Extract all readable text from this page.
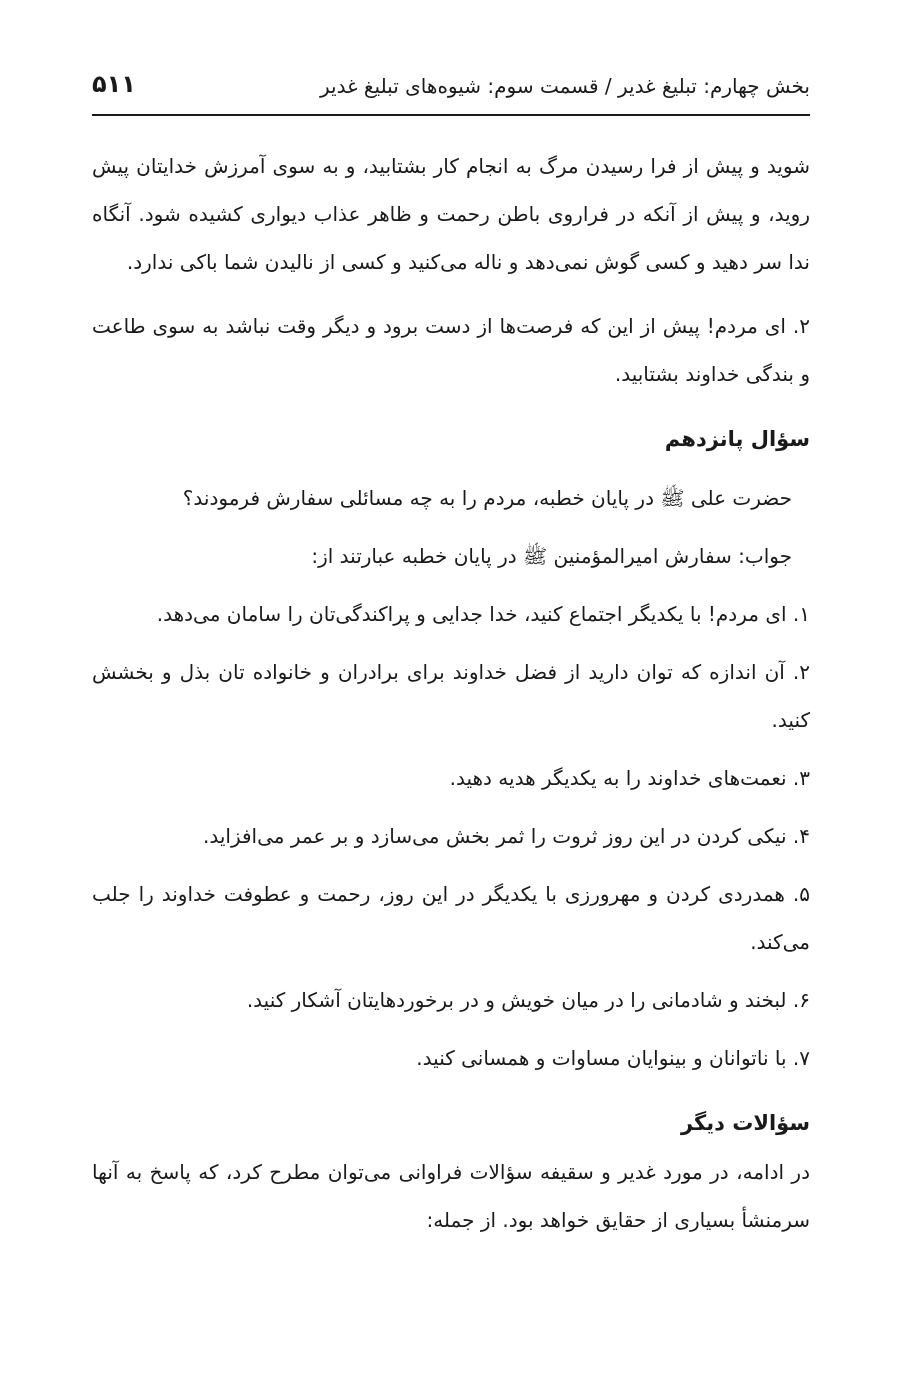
بخش چهارم: تبلیغ غدیر / قسمت سوم: شیوه‌های تبلیغ غدیر
۵۱۱

شوید و پیش از فرا رسیدن مرگ به انجام کار بشتابید، و به سوی آمرزش خدایتان پیش روید، و پیش از آنکه در فراروی باطن رحمت و ظاهر عذاب دیواری کشیده شود. آنگاه ندا سر دهید و کسی گوش نمی‌دهد و ناله می‌کنید و کسی از نالیدن شما باکی ندارد.

۲. ای مردم! پیش از این که فرصت‌ها از دست برود و دیگر وقت نباشد به سوی طاعت و بندگی خداوند بشتابید.

سؤال پانزدهم

حضرت علی ﷺ در پایان خطبه، مردم را به چه مسائلی سفارش فرمودند؟

جواب: سفارش امیرالمؤمنین ﷺ در پایان خطبه عبارتند از:

۱. ای مردم! با یکدیگر اجتماع کنید، خدا جدایی و پراکندگی‌تان را سامان می‌دهد.

۲. آن اندازه که توان دارید از فضل خداوند برای برادران و خانواده تان بذل و بخشش کنید.

۳. نعمت‌های خداوند را به یکدیگر هدیه دهید.

۴. نیکی کردن در این روز ثروت را ثمر بخش می‌سازد و بر عمر می‌افزاید.

۵. همدردی کردن و مهرورزی با یکدیگر در این روز، رحمت و عطوفت خداوند را جلب می‌کند.

۶. لبخند و شادمانی را در میان خویش و در برخوردهایتان آشکار کنید.

۷. با ناتوانان و بینوایان مساوات و همسانی کنید.

سؤالات دیگر

در ادامه، در مورد غدیر و سقیفه سؤالات فراوانی می‌توان مطرح کرد، که پاسخ به آنها سرمنشأ بسیاری از حقایق خواهد بود. از جمله:
